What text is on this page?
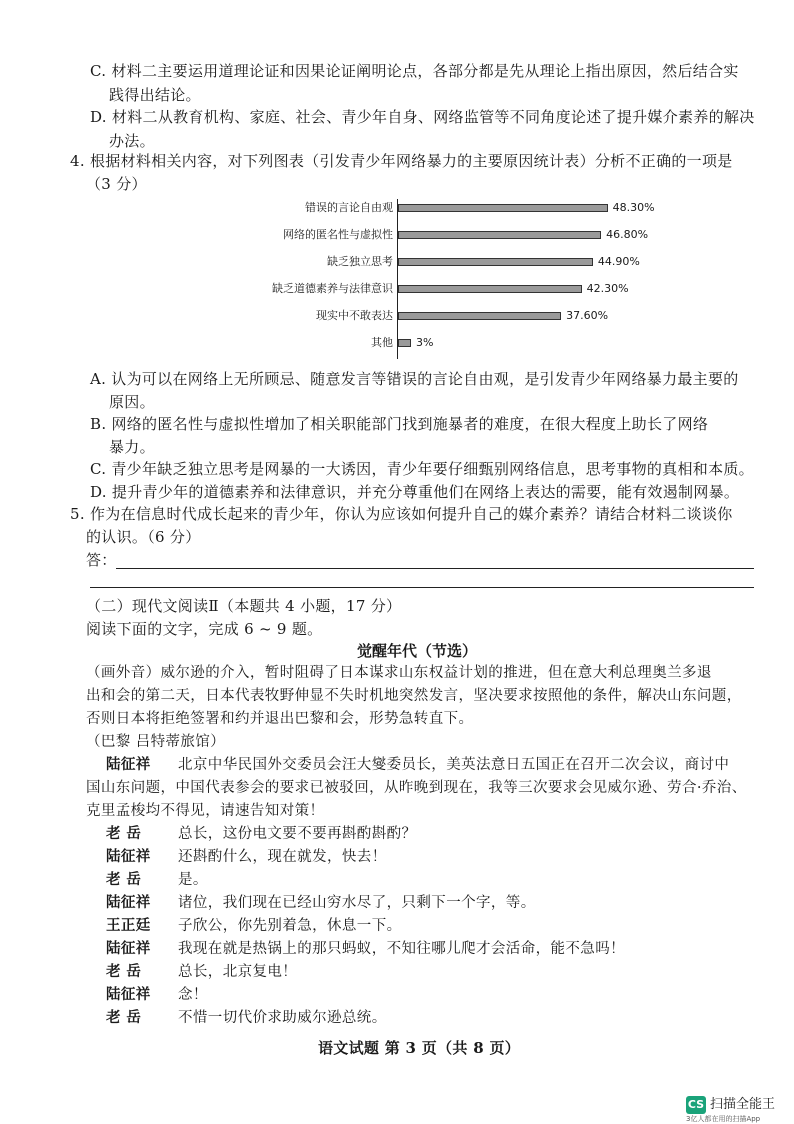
C. 材料二主要运用道理论证和因果论证阐明论点，各部分都是先从理论上指出原因，然后结合实
践得出结论。
D. 材料二从教育机构、家庭、社会、青少年自身、网络监管等不同角度论述了提升媒介素养的解决
办法。
4. 根据材料相关内容，对下列图表（引发青少年网络暴力的主要原因统计表）分析不正确的一项是
（3 分）
错误的言论自由观	48.30%
网络的匿名性与虚拟性	46.80%
缺乏独立思考	44.90%
缺乏道德素养与法律意识	42.30%
现实中不敢表达	37.60%
其他 3%
A. 认为可以在网络上无所顾忌、随意发言等错误的言论自由观，是引发青少年网络暴力最主要的
原因。
B. 网络的匿名性与虚拟性增加了相关职能部门找到施暴者的难度，在很大程度上助长了网络
暴力。
C. 青少年缺乏独立思考是网暴的一大诱因，青少年要仔细甄别网络信息，思考事物的真相和本质。
D. 提升青少年的道德素养和法律意识，并充分尊重他们在网络上表达的需要，能有效遏制网暴。
5. 作为在信息时代成长起来的青少年，你认为应该如何提升自己的媒介素养？请结合材料二谈谈你
的认识。（6 分）
答：
（二）现代文阅读Ⅱ（本题共 4 小题，17 分）
阅读下面的文字，完成 6 ~ 9 题。
觉醒年代（节选）
（画外音）威尔逊的介入，暂时阻碍了日本谋求山东权益计划的推进，但在意大利总理奥兰多退
出和会的第二天，日本代表牧野伸显不失时机地突然发言，坚决要求按照他的条件，解决山东问题，
否则日本将拒绝签署和约并退出巴黎和会，形势急转直下。
（巴黎 吕特蒂旅馆）
陆征祥 北京中华民国外交委员会汪大燮委员长，美英法意日五国正在召开二次会议，商讨中
国山东问题，中国代表参会的要求已被驳回，从昨晚到现在，我等三次要求会见威尔逊、劳合·乔治、
克里孟梭均不得见，请速告知对策！
老 岳	总长，这份电文要不要再斟酌斟酌？
陆征祥 还斟酌什么，现在就发，快去！
老 岳	是。
陆征祥 诸位，我们现在已经山穷水尽了，只剩下一个字，等。
王正廷 子欣公，你先别着急，休息一下。
陆征祥 我现在就是热锅上的那只蚂蚁，不知往哪儿爬才会活命，能不急吗！
老 岳	总长，北京复电！
陆征祥 念！
老 岳	不惜一切代价求助威尔逊总统。
语文试题 第 3 页（共 8 页）
CS 扫描全能王
3亿人都在用的扫描App
